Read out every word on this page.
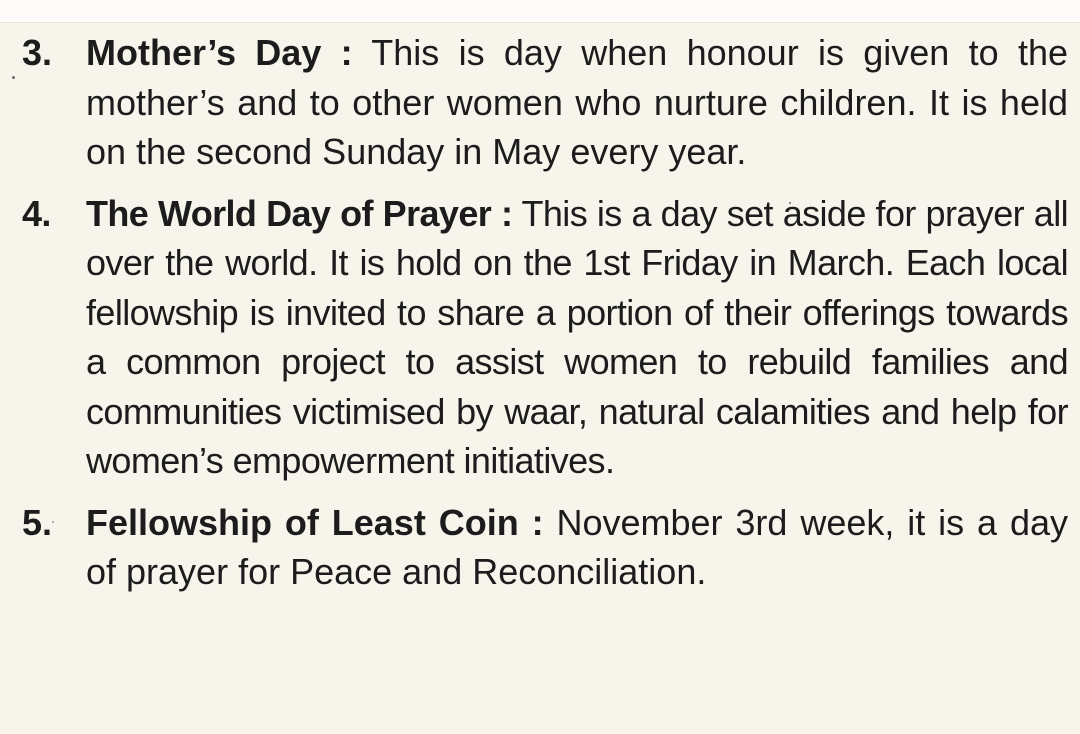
3. Mother’s Day : This is day when honour is given to the mother’s and to other women who nurture children. It is held on the second Sunday in May every year.
4. The World Day of Prayer : This is a day set aside for prayer all over the world. It is hold on the 1st Friday in March. Each local fellowship is invited to share a portion of their offerings towards a common project to assist women to rebuild families and communities victimised by waar, natural calamities and help for women’s empowerment initiatives.
5. Fellowship of Least Coin : November 3rd week, it is a day of prayer for Peace and Reconciliation.
